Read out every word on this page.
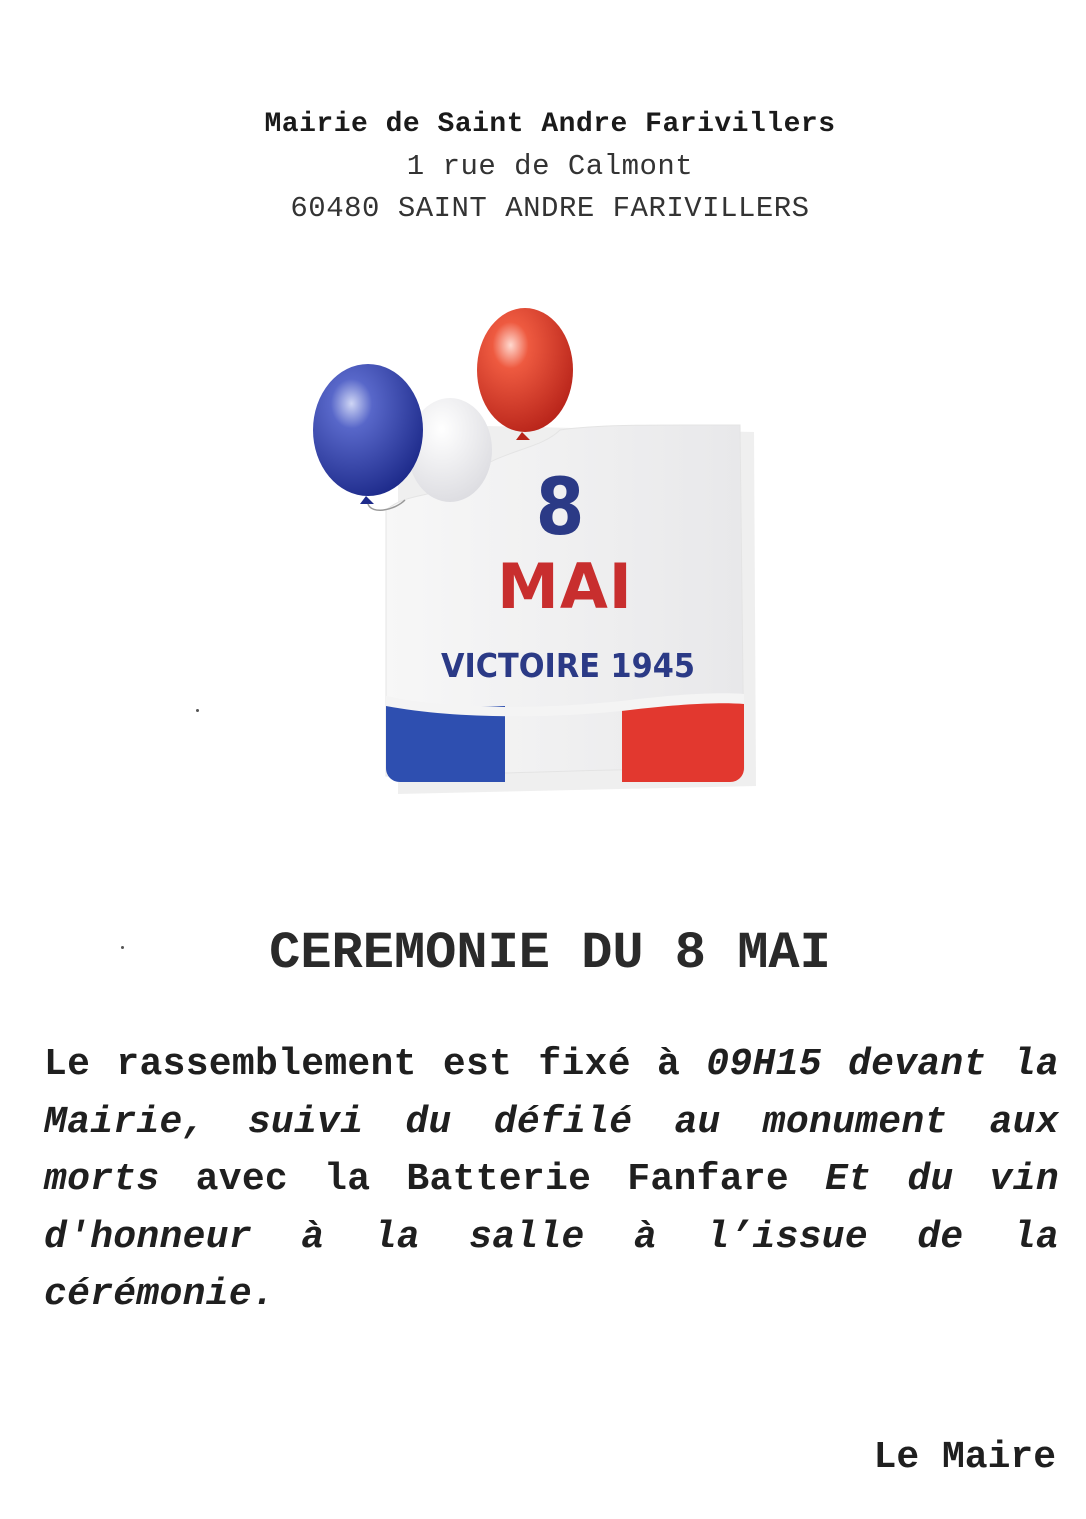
Mairie de Saint Andre Farivillers
1 rue de Calmont
60480 SAINT ANDRE FARIVILLERS
8
MAI
VICTOIRE 1945
CEREMONIE DU 8 MAI
Le rassemblement est fixé à 09H15 devant la Mairie, suivi du défilé au monument aux morts avec la Batterie Fanfare Et du vin d'honneur à la salle à l’issue de la cérémonie.
Le Maire
